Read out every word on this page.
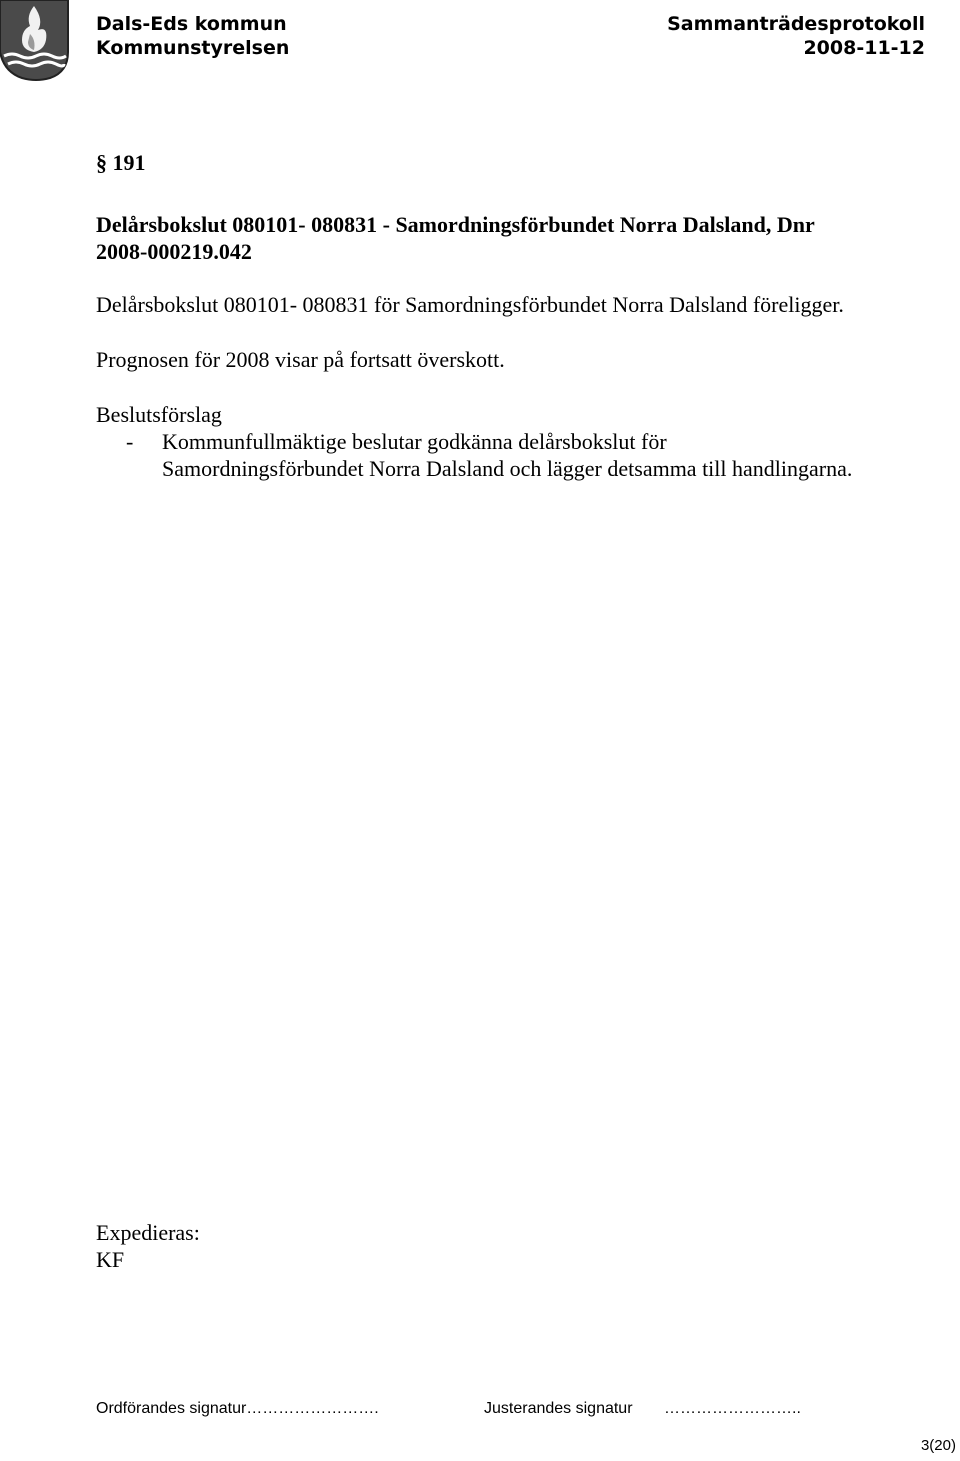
Dals-Eds kommun
Kommunstyrelsen
Sammanträdesprotokoll
2008-11-12
§ 191
Delårsbokslut 080101- 080831 - Samordningsförbundet Norra Dalsland, Dnr
2008-000219.042
Delårsbokslut 080101- 080831 för Samordningsförbundet Norra Dalsland föreligger.
Prognosen för 2008 visar på fortsatt överskott.
Beslutsförslag
- Kommunfullmäktige beslutar godkänna delårsbokslut för
Samordningsförbundet Norra Dalsland och lägger detsamma till handlingarna.
Expedieras:
KF
Ordförandes signatur…………………….	Justerandes signatur ……………………..
3(20)
